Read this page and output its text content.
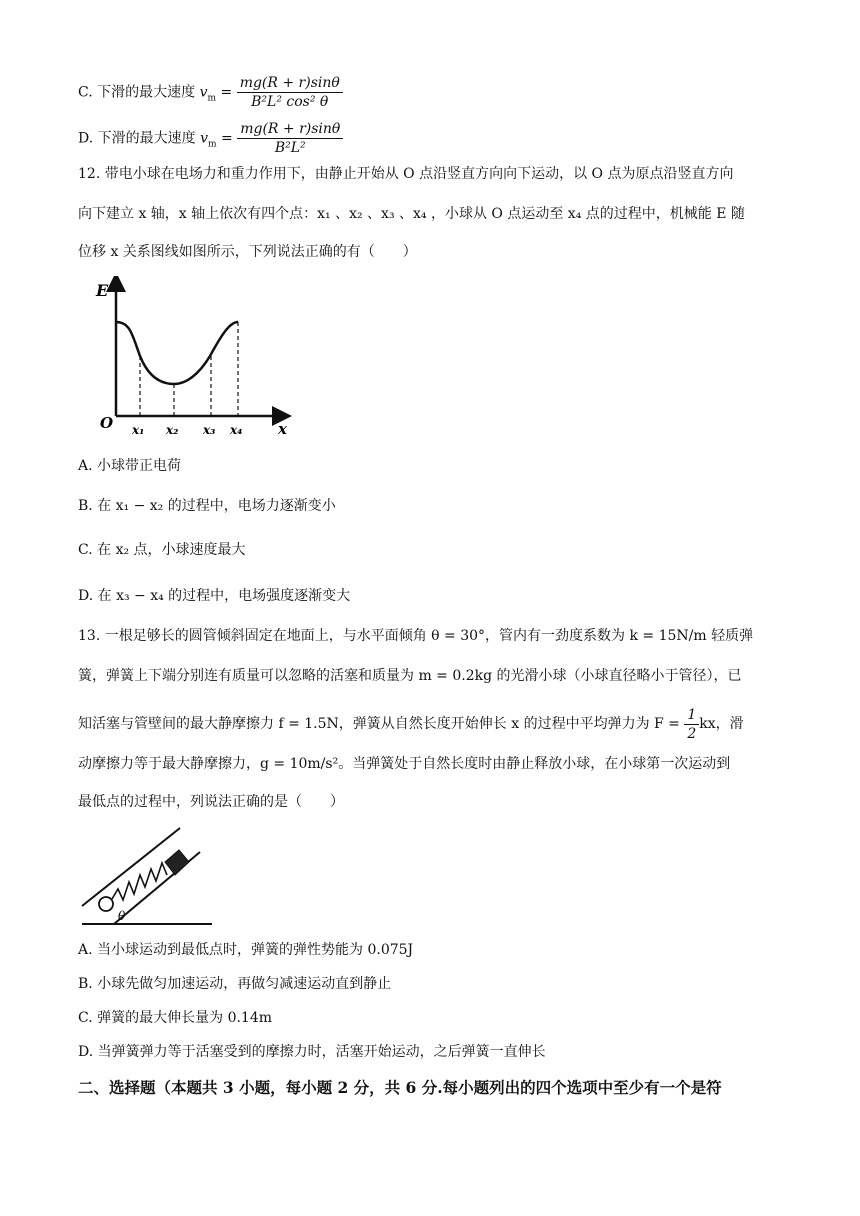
C. 下滑的最大速度 $v_m = \frac{mg(R + r)\sin\theta}{\text{B²L² cos² θ}}$
D. 下滑的最大速度 $v_m = \frac{mg(R + r)\sin\theta}{\text{B²L²}}$
12. 带电小球在电场力和重力作用下，由静止开始从 O 点沿竖直方向向下运动，以 O 点为原点沿竖直方向
向下建立 x 轴，x 轴上依次有四个点：x₁ 、x₂ 、x₃ 、x₄ ，小球从 O 点运动至 x₄ 点的过程中，机械能 E 随
位移 x 关系图线如图所示，下列说法正确的有（　　）
E
x
O x₁ x₂ x₃ x₄
A. 小球带正电荷
B. 在 x₁ − x₂ 的过程中，电场力逐渐变小
C. 在 x₂ 点，小球速度最大
D. 在 x₃ − x₄ 的过程中，电场强度逐渐变大
13. 一根足够长的圆管倾斜固定在地面上，与水平面倾角 θ = 30°，管内有一劲度系数为 k = 15N/m 轻质弹
簧，弹簧上下端分别连有质量可以忽略的活塞和质量为 m = 0.2kg 的光滑小球（小球直径略小于管径），已
知活塞与管壁间的最大静摩擦力 f = 1.5N，弹簧从自然长度开始伸长 x 的过程中平均弹力为 $F = \frac{1}{2}$ kx，滑
动摩擦力等于最大静摩擦力，g = 10m/s²。当弹簧处于自然长度时由静止释放小球，在小球第一次运动到
最低点的过程中，列说法正确的是（　　）
θ
A. 当小球运动到最低点时，弹簧的弹性势能为 0.075J
B. 小球先做匀加速运动，再做匀减速运动直到静止
C. 弹簧的最大伸长量为 0.14m
D. 当弹簧弹力等于活塞受到的摩擦力时，活塞开始运动，之后弹簧一直伸长
二、选择题（本题共 3 小题，每小题 2 分，共 6 分.每小题列出的四个选项中至少有一个是符
